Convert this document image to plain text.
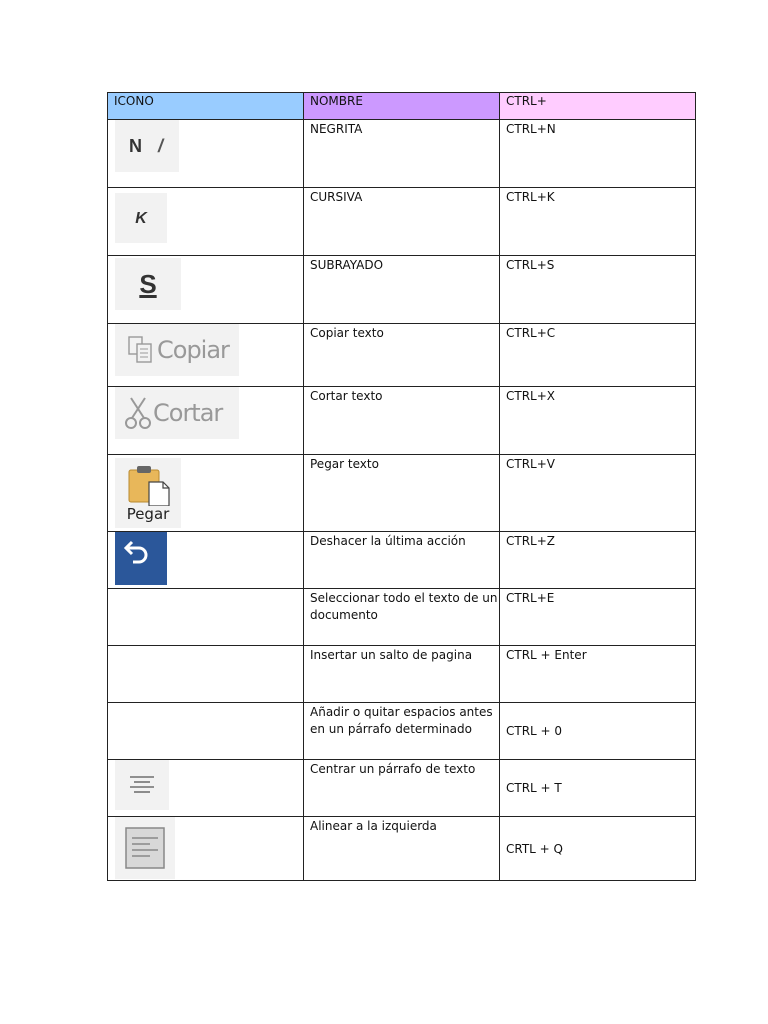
ICONO	NOMBRE	CTRL+

N /	NEGRITA	CTRL+N

K	CURSIVA	CTRL+K

S	SUBRAYADO	CTRL+S

Copiar	Copiar texto	CTRL+C

Cortar	Cortar texto	CTRL+X

Pegar	Pegar texto	CTRL+V

	Deshacer la última acción	CTRL+Z
	Seleccionar todo el texto de un documento	CTRL+E
	Insertar un salto de pagina	CTRL + Enter
	Añadir o quitar espacios antes en un párrafo determinado	CTRL + 0

	Centrar un párrafo de texto	CTRL + T

	Alinear a la izquierda	CRTL + Q
